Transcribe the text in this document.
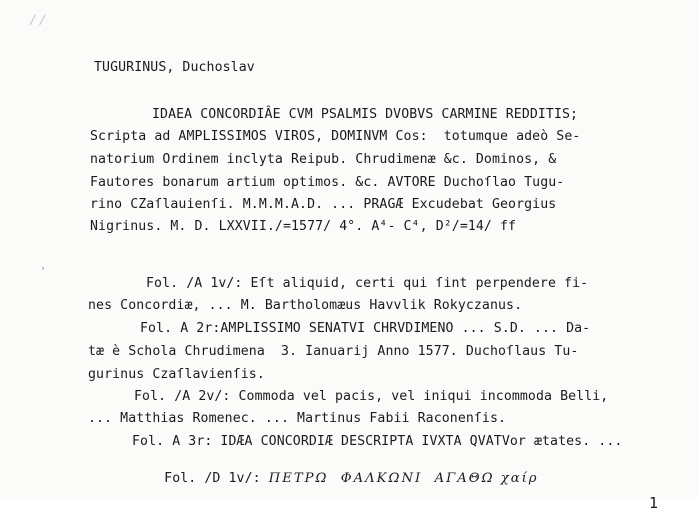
⁄⁄
'
TUGURINUS, Duchoslav
IDAEA CONCORDIÂE CVM PSALMIS DVOBVS CARMINE REDDITIS;
Scripta ad AMPLISSIMOS VIROS, DOMINVM Cos:  totumque adeò Se-
natorium Ordinem inclyta Reipub. Chrudimenæ &c. Dominos, &
Fautores bonarum artium optimos. &c. AVTORE Duchoſlao Tugu-
rino CZaſlauienſi. M.M.M.A.D. ... PRAGÆ Excudebat Georgius
Nigrinus. M. D. LXXVII./=1577/ 4°. A⁴- C⁴, D²/=14/ ff
Fol. /A 1v/: Eſt aliquid, certi qui ſint perpendere fi-
nes Concordiæ, ... M. Bartholomæus Havvlik Rokyczanus.
Fol. A 2r:AMPLISSIMO SENATVI CHRVDIMENO ... S.D. ... Da-
tæ è Schola Chrudimena  3. Ianuarij Anno 1577. Duchoſlaus Tu-
gurinus Czaſlavienſis.
Fol. /A 2v/: Commoda vel pacis, vel iniqui incommoda Belli,
... Matthias Romenec. ... Martinus Fabii Raconenſis.
Fol. A 3r: IDÆA CONCORDIÆ DESCRIPTA IVXTA QVATVor ætates. ...

Fol. /D 1v/: ΠΕΤΡΩ  ΦΑΛΚΩΝΙ  ΑΓΑΘΩ χαίρ

1
